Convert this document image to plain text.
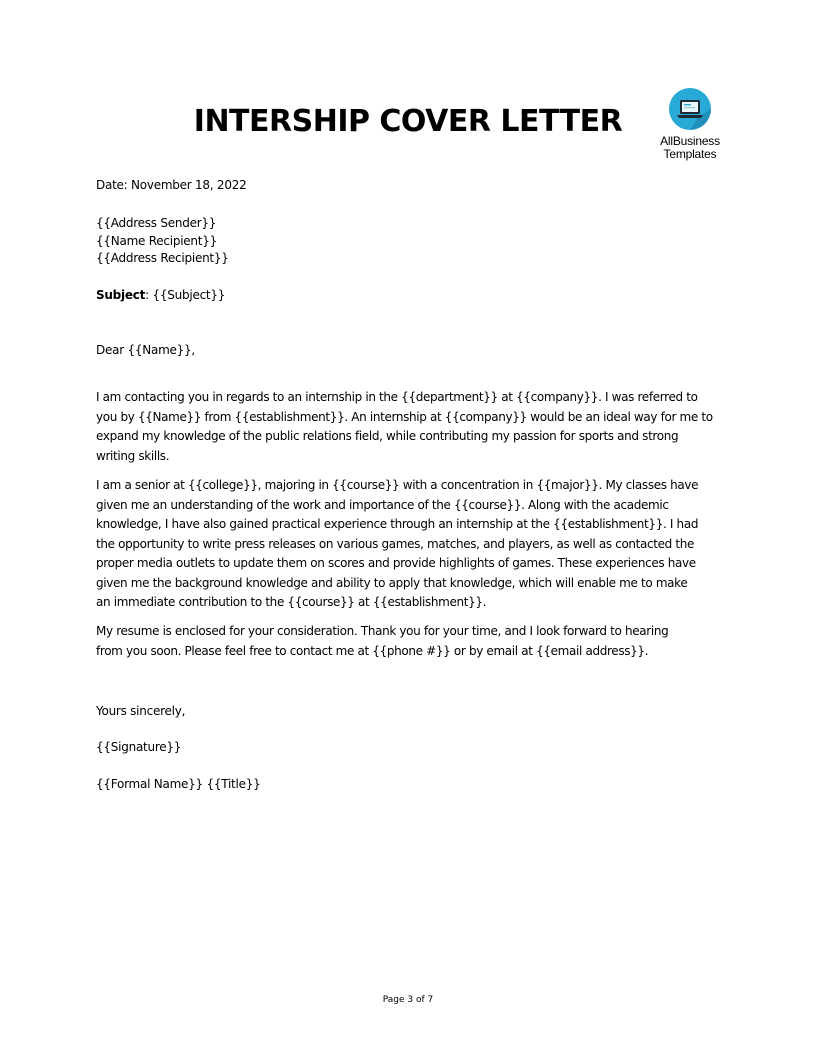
INTERSHIP COVER LETTER
AllBusiness
Templates
Date: November 18, 2022
{{Address Sender}}
{{Name Recipient}}
{{Address Recipient}}
Subject: {{Subject}}
Dear {{Name}},

I am contacting you in regards to an internship in the {{department}} at {{company}}. I was referred to
you by {{Name}} from {{establishment}}. An internship at {{company}} would be an ideal way for me to
expand my knowledge of the public relations field, while contributing my passion for sports and strong
writing skills.

I am a senior at {{college}}, majoring in {{course}} with a concentration in {{major}}. My classes have
given me an understanding of the work and importance of the {{course}}. Along with the academic
knowledge, I have also gained practical experience through an internship at the {{establishment}}. I had
the opportunity to write press releases on various games, matches, and players, as well as contacted the
proper media outlets to update them on scores and provide highlights of games. These experiences have
given me the background knowledge and ability to apply that knowledge, which will enable me to make
an immediate contribution to the {{course}} at {{establishment}}.

My resume is enclosed for your consideration. Thank you for your time, and I look forward to hearing
from you soon. Please feel free to contact me at {{phone #}} or by email at {{email address}}.

Yours sincerely,
{{Signature}}
{{Formal Name}} {{Title}}
Page 3 of 7
